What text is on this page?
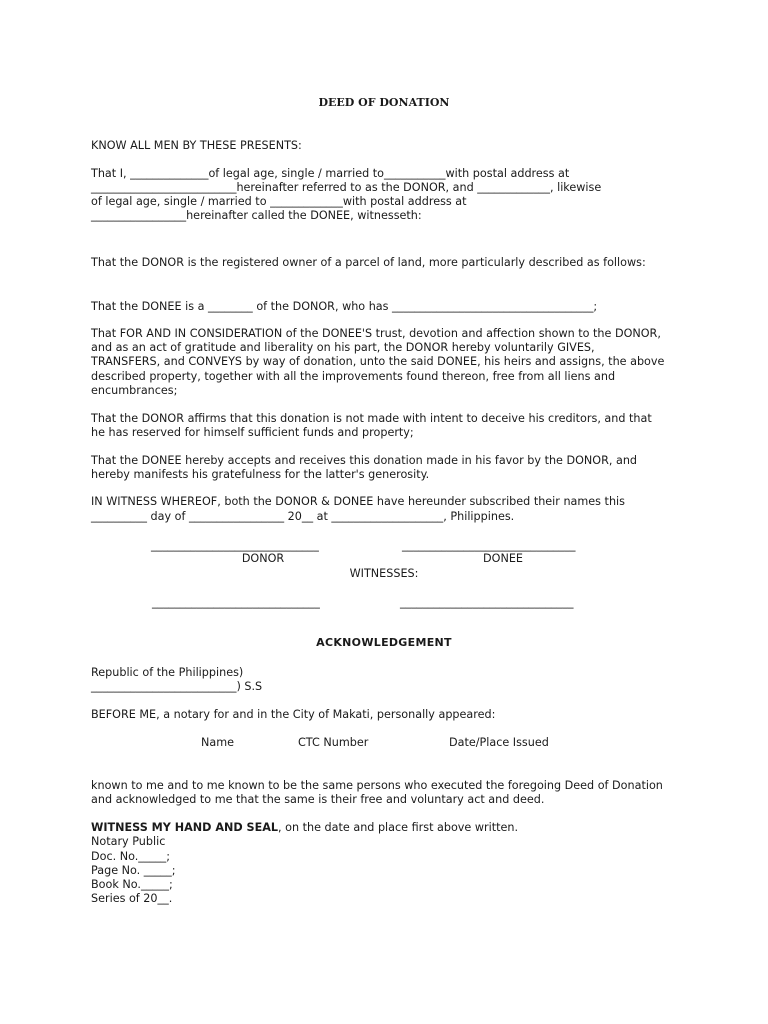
DEED OF DONATION
KNOW ALL MEN BY THESE PRESENTS:
That I, ______________of legal age, single / married to___________with postal address at
__________________________hereinafter referred to as the DONOR, and _____________, likewise
of legal age, single / married to _____________with postal address at
_________________hereinafter called the DONEE, witnesseth:
That the DONOR is the registered owner of a parcel of land, more particularly described as follows:
That the DONEE is a ________ of the DONOR, who has ____________________________________;
That FOR AND IN CONSIDERATION of the DONEE'S trust, devotion and affection shown to the DONOR,
and as an act of gratitude and liberality on his part, the DONOR hereby voluntarily GIVES,
TRANSFERS, and CONVEYS by way of donation, unto the said DONEE, his heirs and assigns, the above
described property, together with all the improvements found thereon, free from all liens and
encumbrances;
That the DONOR affirms that this donation is not made with intent to deceive his creditors, and that
he has reserved for himself sufficient funds and property;
That the DONEE hereby accepts and receives this donation made in his favor by the DONOR, and
hereby manifests his gratefulness for the latter's generosity.
IN WITNESS WHEREOF, both the DONOR & DONEE have hereunder subscribed their names this
__________ day of _________________ 20__ at ____________________, Philippines.
______________________________	_______________________________
DONOR	DONEE
WITNESSES:
______________________________	_______________________________
ACKNOWLEDGEMENT
Republic of the Philippines)
__________________________) S.S
BEFORE ME, a notary for and in the City of Makati, personally appeared:
Name	CTC Number	Date/Place Issued
known to me and to me known to be the same persons who executed the foregoing Deed of Donation
and acknowledged to me that the same is their free and voluntary act and deed.
WITNESS MY HAND AND SEAL, on the date and place first above written.
Notary Public
Doc. No._____;
Page No. _____;
Book No._____;
Series of 20__.
